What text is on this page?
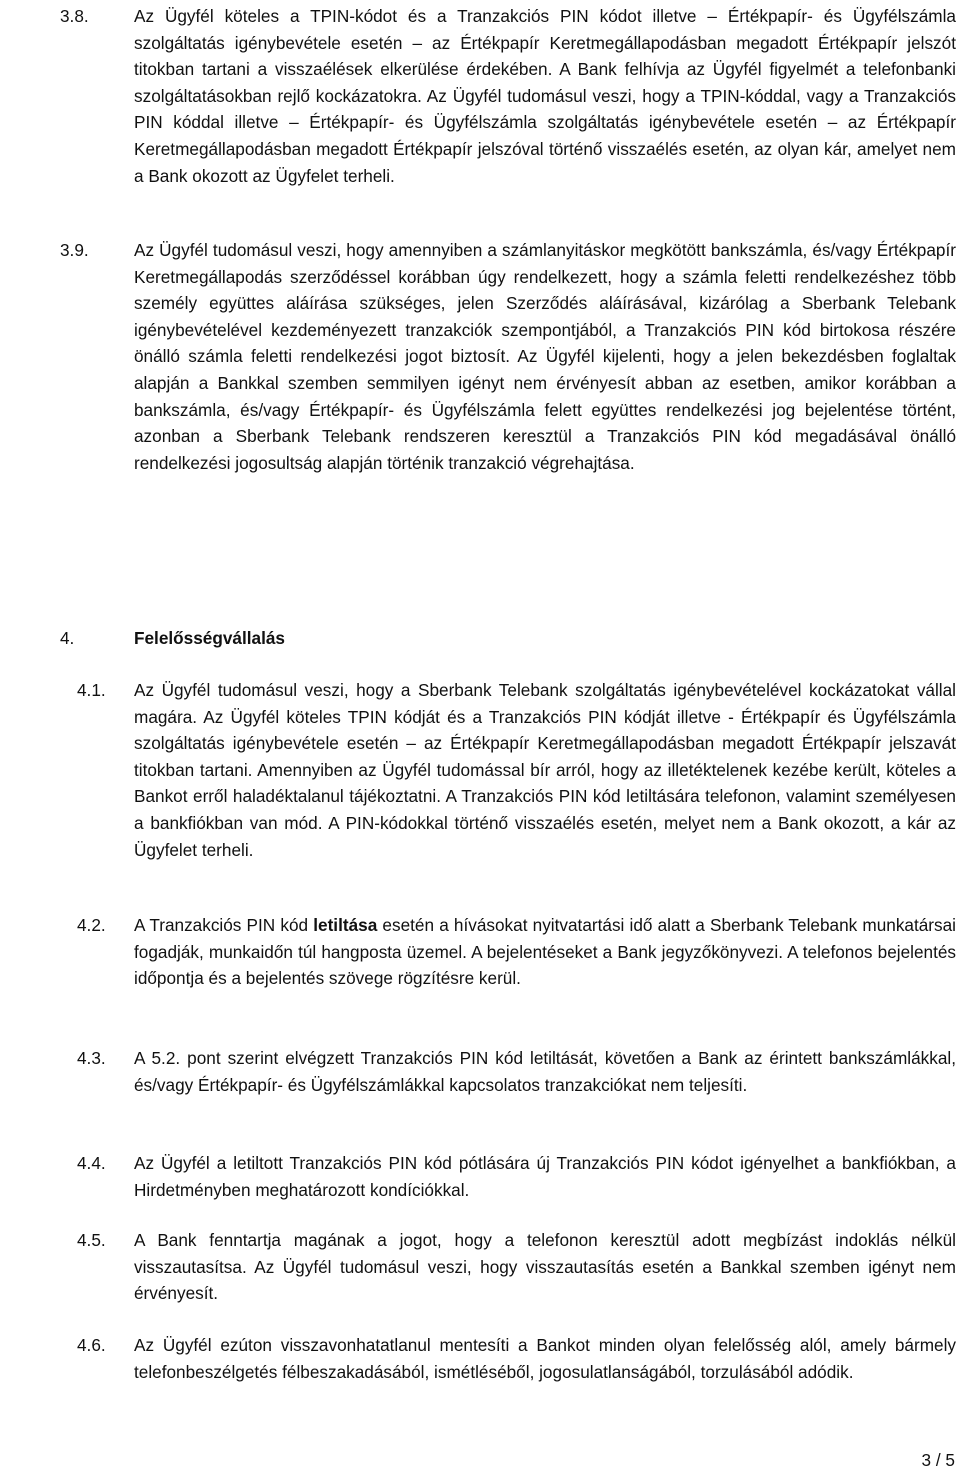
3.8.	Az Ügyfél köteles a TPIN-kódot és a Tranzakciós PIN kódot illetve – Értékpapír- és Ügyfélszámla szolgáltatás igénybevétele esetén – az Értékpapír Keretmegállapodásban megadott Értékpapír jelszót titokban tartani a visszaélések elkerülése érdekében. A Bank felhívja az Ügyfél figyelmét a telefonbanki szolgáltatásokban rejlő kockázatokra. Az Ügyfél tudomásul veszi, hogy a TPIN-kóddal, vagy a Tranzakciós PIN kóddal illetve – Értékpapír- és Ügyfélszámla szolgáltatás igénybevétele esetén – az Értékpapír Keretmegállapodásban megadott Értékpapír jelszóval történő visszaélés esetén, az olyan kár, amelyet nem a Bank okozott az Ügyfelet terheli.

3.9.	Az Ügyfél tudomásul veszi, hogy amennyiben a számlanyitáskor megkötött bankszámla, és/vagy Értékpapír Keretmegállapodás szerződéssel korábban úgy rendelkezett, hogy a számla feletti rendelkezéshez több személy együttes aláírása szükséges, jelen Szerződés aláírásával, kizárólag a Sberbank Telebank igénybevételével kezdeményezett tranzakciók szempontjából, a Tranzakciós PIN kód birtokosa részére önálló számla feletti rendelkezési jogot biztosít. Az Ügyfél kijelenti, hogy a jelen bekezdésben foglaltak alapján a Bankkal szemben semmilyen igényt nem érvényesít abban az esetben, amikor korábban a bankszámla, és/vagy Értékpapír- és Ügyfélszámla felett együttes rendelkezési jog bejelentése történt, azonban a Sberbank Telebank rendszeren keresztül a Tranzakciós PIN kód megadásával önálló rendelkezési jogosultság alapján történik tranzakció végrehajtása.

4.	Felelősségvállalás
4.1. Az Ügyfél tudomásul veszi, hogy a Sberbank Telebank szolgáltatás igénybevételével kockázatokat vállal magára. Az Ügyfél köteles TPIN kódját és a Tranzakciós PIN kódját illetve - Értékpapír és Ügyfélszámla szolgáltatás igénybevétele esetén – az Értékpapír Keretmegállapodásban megadott Értékpapír jelszavát titokban tartani. Amennyiben az Ügyfél tudomással bír arról, hogy az illetéktelenek kezébe került, köteles a Bankot erről haladéktalanul tájékoztatni. A Tranzakciós PIN kód letiltására telefonon, valamint személyesen a bankfiókban van mód. A PIN-kódokkal történő visszaélés esetén, melyet nem a Bank okozott, a kár az Ügyfelet terheli.

4.2. A Tranzakciós PIN kód letiltása esetén a hívásokat nyitvatartási idő alatt a Sberbank Telebank munkatársai fogadják, munkaidőn túl hangposta üzemel. A bejelentéseket a Bank jegyzőkönyvezi. A telefonos bejelentés időpontja és a bejelentés szövege rögzítésre kerül.

4.3. A 5.2. pont szerint elvégzett Tranzakciós PIN kód letiltását, követően a Bank az érintett bankszámlákkal, és/vagy Értékpapír- és Ügyfélszámlákkal kapcsolatos tranzakciókat nem teljesíti.

4.4. Az Ügyfél a letiltott Tranzakciós PIN kód pótlására új Tranzakciós PIN kódot igényelhet a bankfiókban, a Hirdetményben meghatározott kondíciókkal.

4.5. A Bank fenntartja magának a jogot, hogy a telefonon keresztül adott megbízást indoklás nélkül visszautasítsa. Az Ügyfél tudomásul veszi, hogy visszautasítás esetén a Bankkal szemben igényt nem érvényesít.

4.6. Az Ügyfél ezúton visszavonhatatlanul mentesíti a Bankot minden olyan felelősség alól, amely bármely telefonbeszélgetés félbeszakadásából, ismétléséből, jogosulatlanságából, torzulásából adódik.

3 / 5
